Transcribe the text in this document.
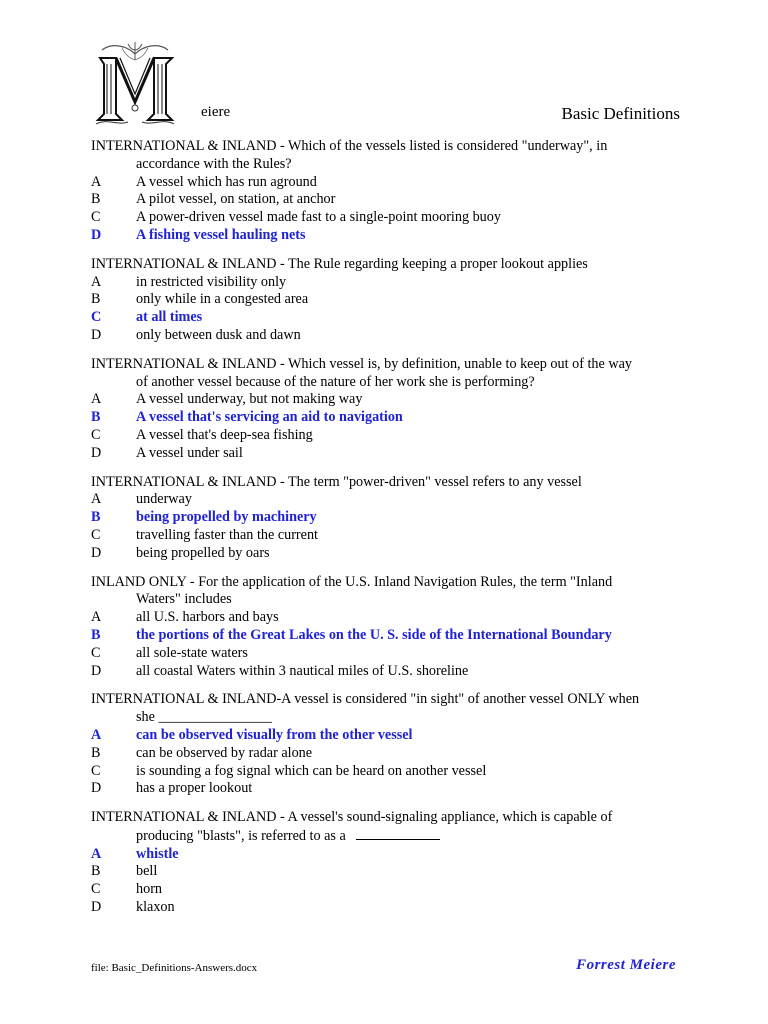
eiere	Basic Definitions
INTERNATIONAL & INLAND - Which of the vessels listed is considered "underway", in
accordance with the Rules?
A	A vessel which has run aground
B	A pilot vessel, on station, at anchor
C	A power-driven vessel made fast to a single-point mooring buoy
D	A fishing vessel hauling nets
INTERNATIONAL & INLAND - The Rule regarding keeping a proper lookout applies
A	in restricted visibility only
B	only while in a congested area
C	at all times
D	only between dusk and dawn
INTERNATIONAL & INLAND - Which vessel is, by definition, unable to keep out of the way
of another vessel because of the nature of her work she is performing?
A	A vessel underway, but not making way
B	A vessel that's servicing an aid to navigation
C	A vessel that's deep-sea fishing
D	A vessel under sail
INTERNATIONAL & INLAND - The term "power-driven" vessel refers to any vessel
A	underway
B	being propelled by machinery
C	travelling faster than the current
D	being propelled by oars
INLAND ONLY - For the application of the U.S. Inland Navigation Rules, the term "Inland
Waters" includes
A	all U.S. harbors and bays
B	the portions of the Great Lakes on the U. S. side of the International Boundary
C	all sole-state waters
D	all coastal Waters within 3 nautical miles of U.S. shoreline
INTERNATIONAL & INLAND-A vessel is considered "in sight" of another vessel ONLY when
she ________________
A	can be observed visually from the other vessel
B	can be observed by radar alone
C	is sounding a fog signal which can be heard on another vessel
D	has a proper lookout
INTERNATIONAL & INLAND - A vessel's sound-signaling appliance, which is capable of
producing "blasts", is referred to as a
A	whistle
B	bell
C	horn
D	klaxon
file: Basic_Definitions-Answers.docx	Forrest Meiere
